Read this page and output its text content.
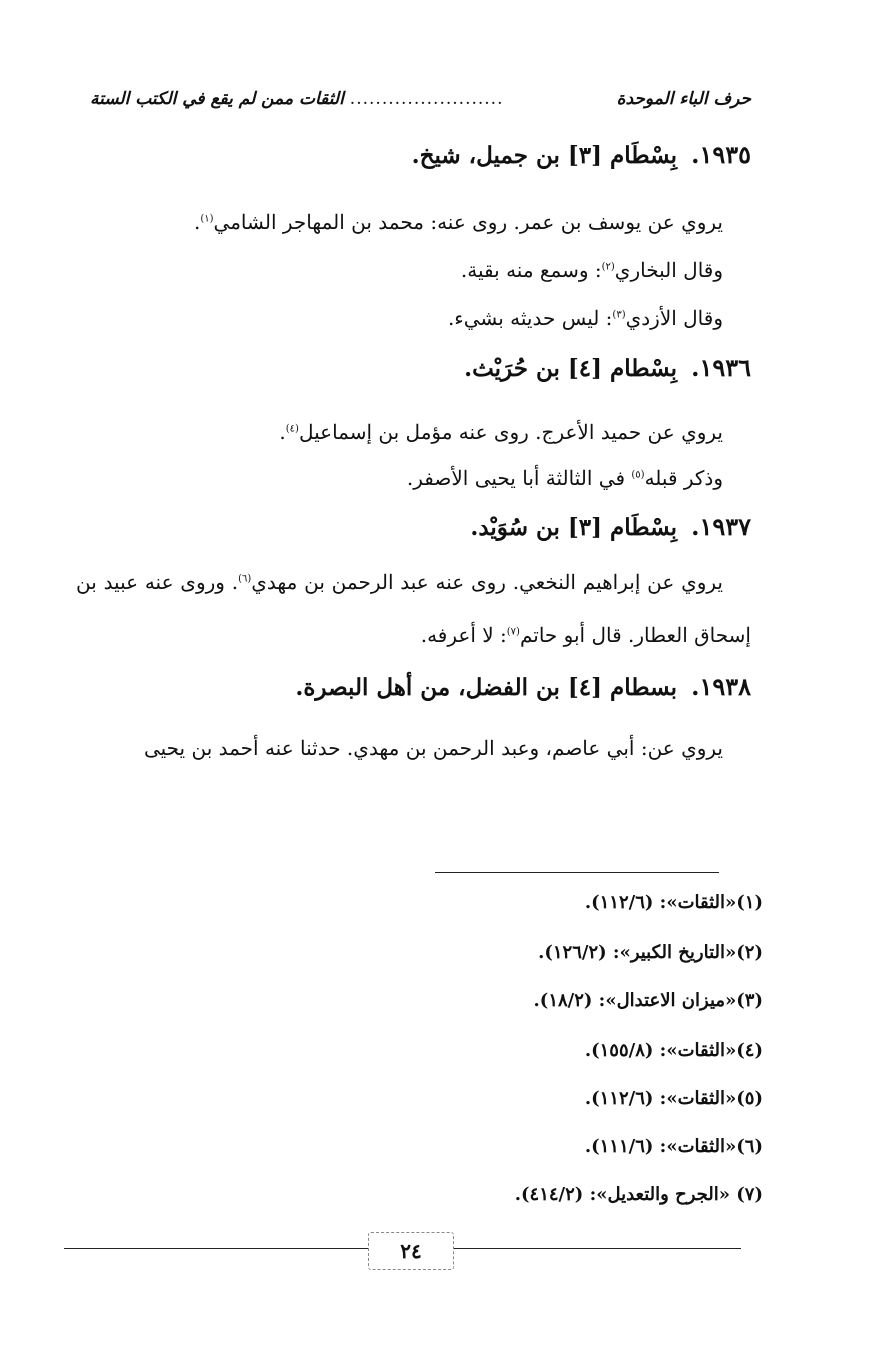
حرف الباء الموحدة
........................
الثقات ممن لم يقع في الكتب الستة
١٩٣٥.بِسْطَام [٣] بن جميل، شيخ.
يروي عن يوسف بن عمر. روى عنه: محمد بن المهاجر الشامي$^{(١)}$.
وقال البخاري$^{(٢)}$: وسمع منه بقية.
وقال الأزدي$^{(٣)}$: ليس حديثه بشيء.
١٩٣٦.بِسْطام [٤] بن حُرَيْث.
يروي عن حميد الأعرج. روى عنه مؤمل بن إسماعيل$^{(٤)}$.
وذكر قبله$^{(٥)}$ في الثالثة أبا يحيى الأصفر.
١٩٣٧.بِسْطَام [٣] بن سُوَيْد.
يروي عن إبراهيم النخعي. روى عنه عبد الرحمن بن مهدي$^{(٦)}$. وروى عنه عبيد بن إسحاق العطار. قال أبو حاتم$^{(٧)}$: لا أعرفه.
١٩٣٨.بسطام [٤] بن الفضل، من أهل البصرة.
يروي عن: أبي عاصم، وعبد الرحمن بن مهدي. حدثنا عنه أحمد بن يحيى
(١)«الثقات»: (١١٢/٦).
(٢)«التاريخ الكبير»: (١٢٦/٢).
(٣)«ميزان الاعتدال»: (١٨/٢).
(٤)«الثقات»: (١٥٥/٨).
(٥)«الثقات»: (١١٢/٦).
(٦)«الثقات»: (١١١/٦).
(٧) «الجرح والتعديل»: (٤١٤/٢).
٢٤
